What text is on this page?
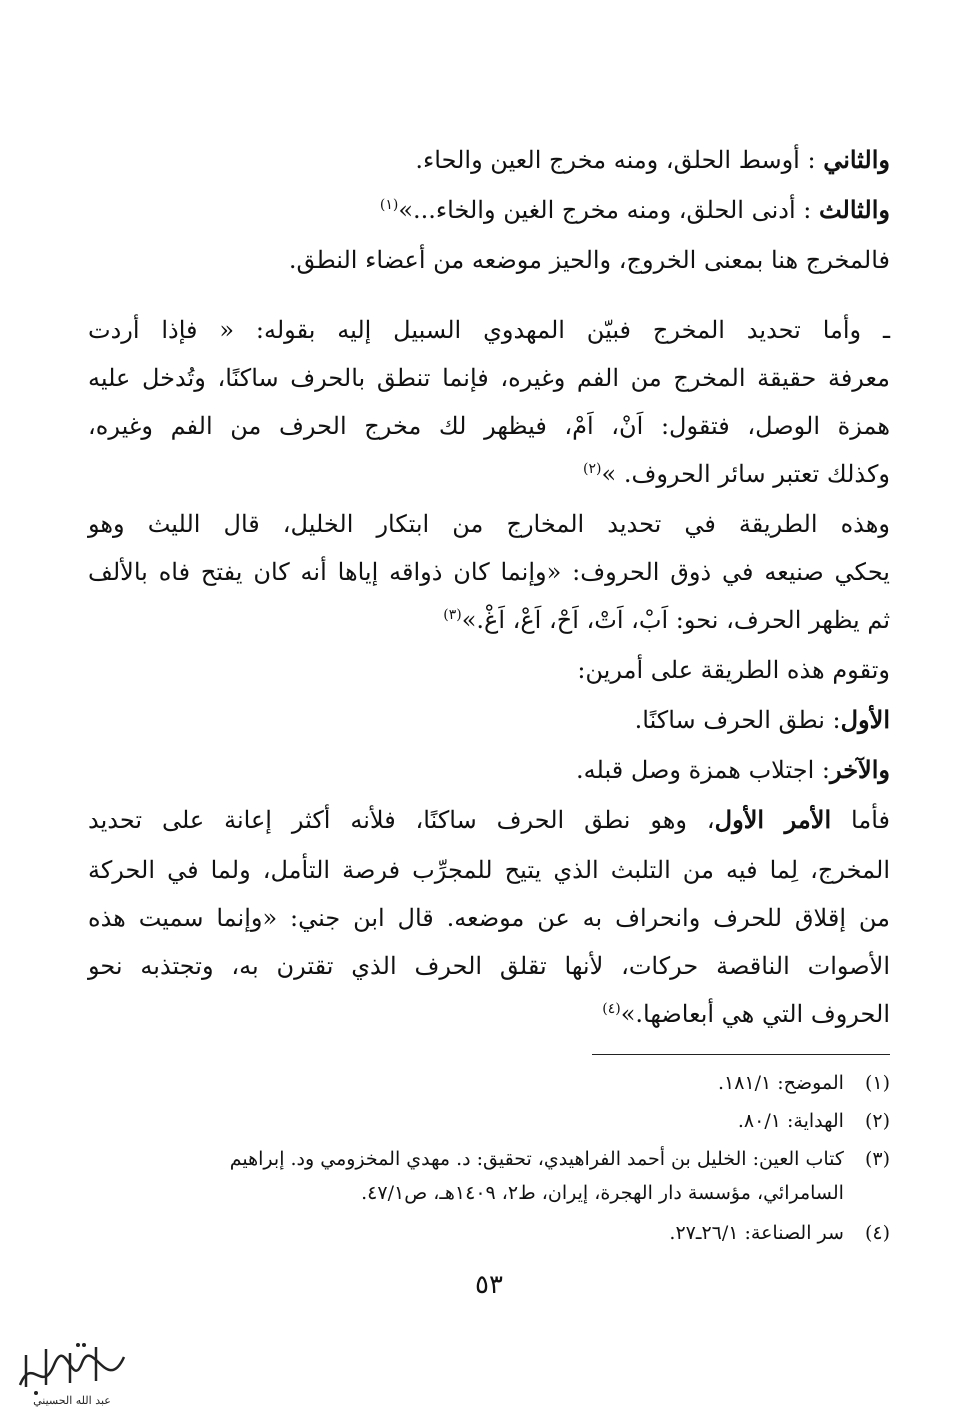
والثاني : أوسط الحلق، ومنه مخرج العين والحاء.
والثالث : أدنى الحلق، ومنه مخرج الغين والخاء...»$^{(١)}$
فالمخرج هنا بمعنى الخروج، والحيز موضعه من أعضاء النطق.
ـ وأما تحديد المخرج فبيّن المهدوي السبيل إليه بقوله: « فإذا أردت
معرفة حقيقة المخرج من الفم وغيره، فإنما تنطق بالحرف ساكنًا، وتُدخل عليه
همزة الوصل، فتقول: اَنْ، اَمْ، فيظهر لك مخرج الحرف من الفم وغيره،
وكذلك تعتبر سائر الحروف. »$^{(٢)}$
وهذه الطريقة في تحديد المخارج من ابتكار الخليل، قال الليث وهو
يحكي صنيعه في ذوق الحروف: «وإنما كان ذواقه إياها أنه كان يفتح فاه بالألف
ثم يظهر الحرف، نحو: اَبْ، اَتْ، اَحْ، اَعْ، اَغْ.»$^{(٣)}$
وتقوم هذه الطريقة على أمرين:
الأول: نطق الحرف ساكنًا.
والآخر: اجتلاب همزة وصل قبله.
فأما الأمر الأول، وهو نطق الحرف ساكنًا، فلأنه أكثر إعانة على تحديد
المخرج، لِما فيه من التلبث الذي يتيح للمجرِّب فرصة التأمل، ولما في الحركة
من إقلاق للحرف وانحراف به عن موضعه. قال ابن جني: «وإنما سميت هذه
الأصوات الناقصة حركات، لأنها تقلق الحرف الذي تقترن به، وتجتذبه نحو
الحروف التي هي أبعاضها.»$^{(٤)}$
(١) الموضح: ١٨١/١.
(٢) الهداية: ٨٠/١.
(٣) كتاب العين: الخليل بن أحمد الفراهيدي، تحقيق: د. مهدي المخزومي ود. إبراهيم
السامرائي، مؤسسة دار الهجرة، إيران، ط٢، ١٤٠٩هـ، ص٤٧/١.
(٤) سر الصناعة: ٢٦/١ـ٢٧.
٥٣
عبد الله الحسيني
